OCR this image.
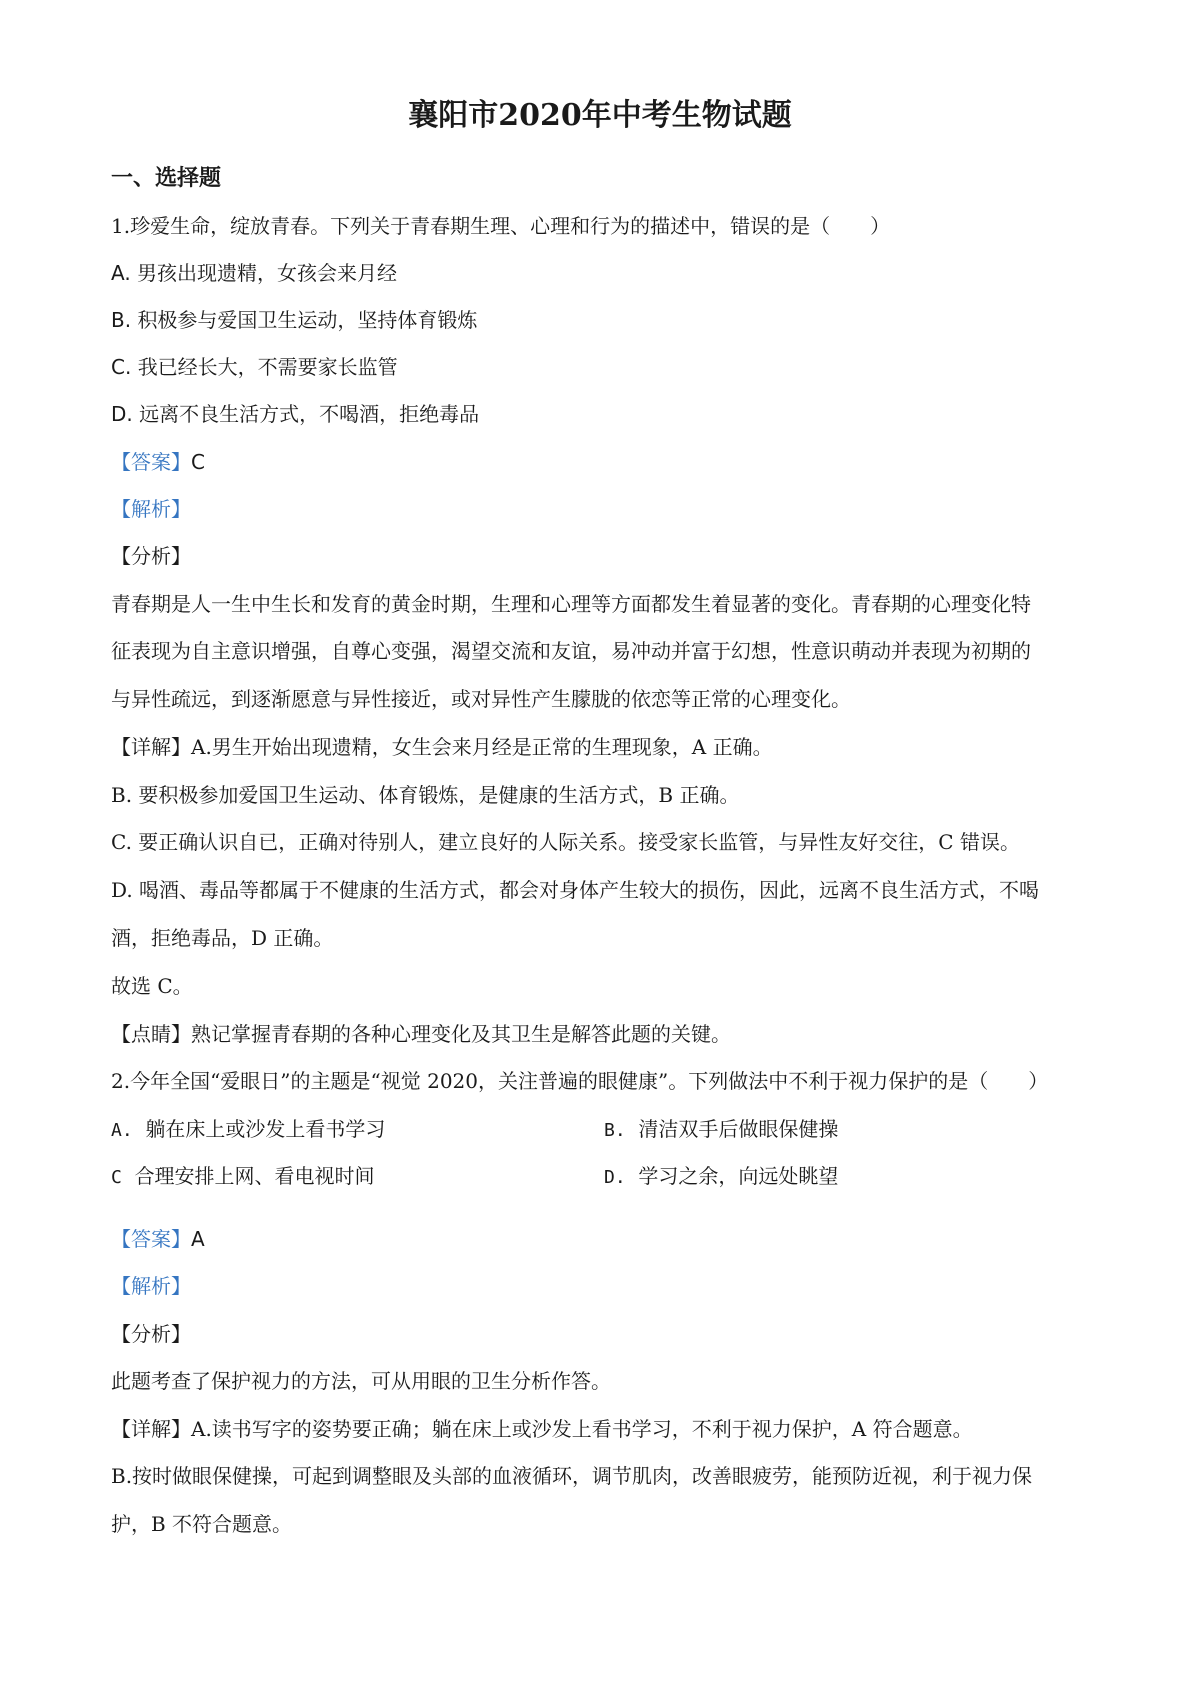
襄阳市2020年中考生物试题
一、选择题
1.珍爱生命，绽放青春。下列关于青春期生理、心理和行为的描述中，错误的是（　　）
A. 男孩出现遗精，女孩会来月经
B. 积极参与爱国卫生运动，坚持体育锻炼
C. 我已经长大，不需要家长监管
D. 远离不良生活方式，不喝酒，拒绝毒品
【答案】C
【解析】
【分析】
青春期是人一生中生长和发育的黄金时期，生理和心理等方面都发生着显著的变化。青春期的心理变化特
征表现为自主意识增强，自尊心变强，渴望交流和友谊，易冲动并富于幻想，性意识萌动并表现为初期的
与异性疏远，到逐渐愿意与异性接近，或对异性产生朦胧的依恋等正常的心理变化。
【详解】A.男生开始出现遗精，女生会来月经是正常的生理现象，A 正确。
B. 要积极参加爱国卫生运动、体育锻炼，是健康的生活方式，B 正确。
C. 要正确认识自已，正确对待别人，建立良好的人际关系。接受家长监管，与异性友好交往，C 错误。
D. 喝酒、毒品等都属于不健康的生活方式，都会对身体产生较大的损伤，因此，远离不良生活方式，不喝
酒，拒绝毒品，D 正确。
故选 C。
【点睛】熟记掌握青春期的各种心理变化及其卫生是解答此题的关键。
2.今年全国“爱眼日”的主题是“视觉 2020，关注普遍的眼健康”。下列做法中不利于视力保护的是（　　）
A. 躺在床上或沙发上看书学习	B. 清洁双手后做眼保健操
C 合理安排上网、看电视时间	D. 学习之余，向远处眺望
【答案】A
【解析】
【分析】
此题考查了保护视力的方法，可从用眼的卫生分析作答。
【详解】A.读书写字的姿势要正确；躺在床上或沙发上看书学习，不利于视力保护，A 符合题意。
B.按时做眼保健操，可起到调整眼及头部的血液循环，调节肌肉，改善眼疲劳，能预防近视，利于视力保
护，B 不符合题意。
